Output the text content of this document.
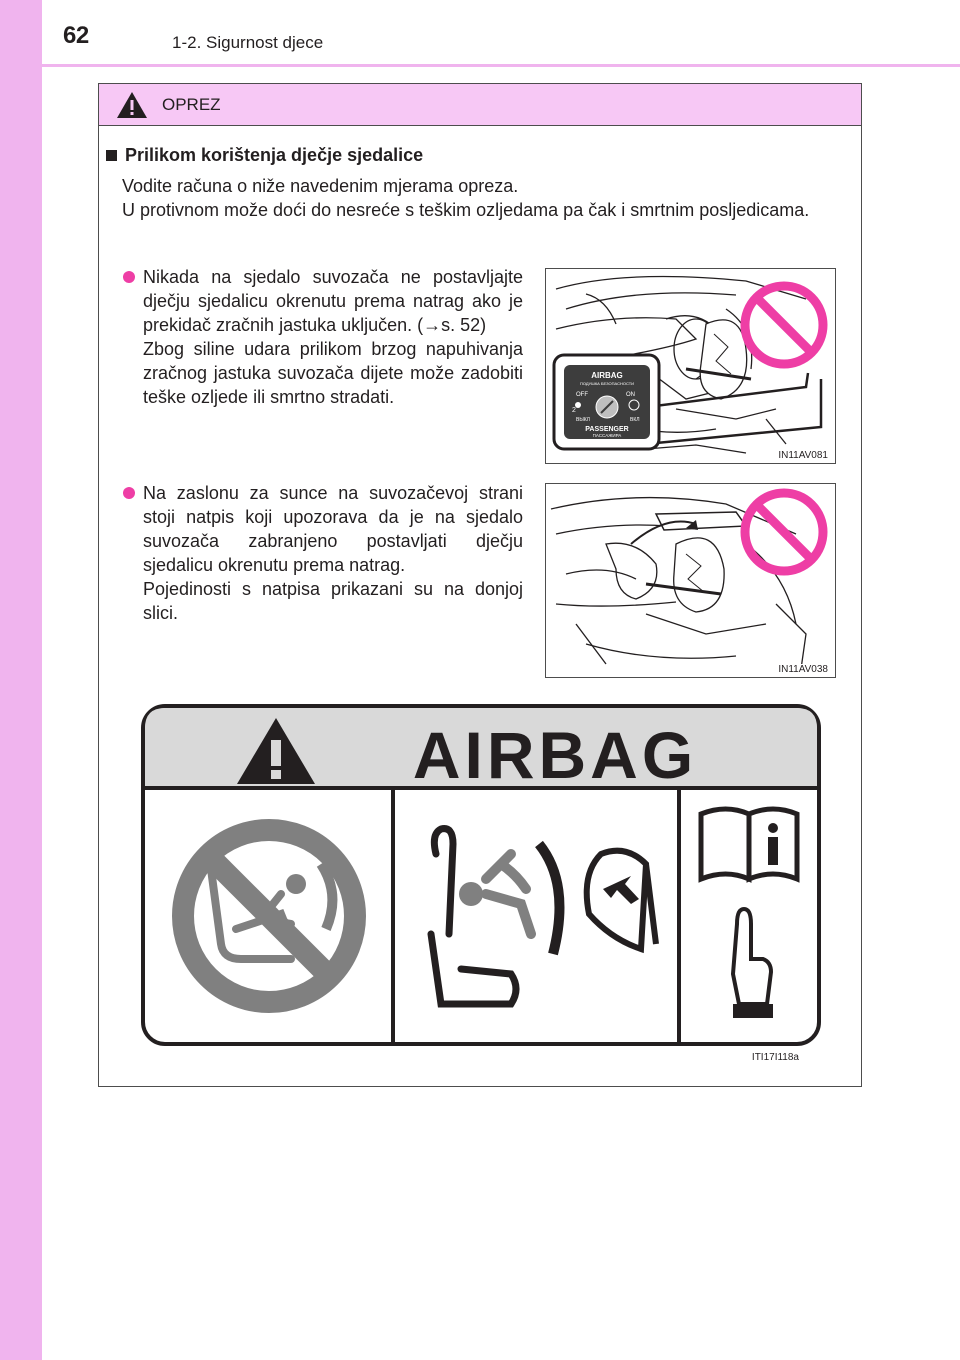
62	1-2. Sigurnost djece
OPREZ
Prilikom korištenja dječje sjedalice

Vodite računa o niže navedenim mjerama opreza.

U protivnom može doći do nesreće s teškim ozljedama pa čak i smrtnim posljedicama.

Nikada na sjedalo suvozača ne postavljajte dječju sjedalicu okrenutu prema natrag ako je prekidač zračnih jastuka uključen. (→s. 52)

Zbog siline udara prilikom brzog napuhivanja zračnog jastuka suvozača dijete može zadobiti teške ozljede ili smrtno stradati.

AIRBAG
ПОДУШКА БЕЗОПАСНОСТИ
OFF	ON
2
ВЫКЛ	ВКЛ
PASSENGER
ПАССАЖИРА
IN11AV081

Na zaslonu za sunce na suvozačevoj strani stoji natpis koji upozorava da je na sjedalo suvozača zabranjeno postavljati dječju sjedalicu okrenutu prema natrag.

Pojedinosti s natpisa prikazani su na donjoj slici.

IN11AV038
AIRBAG
ITI17I118a
